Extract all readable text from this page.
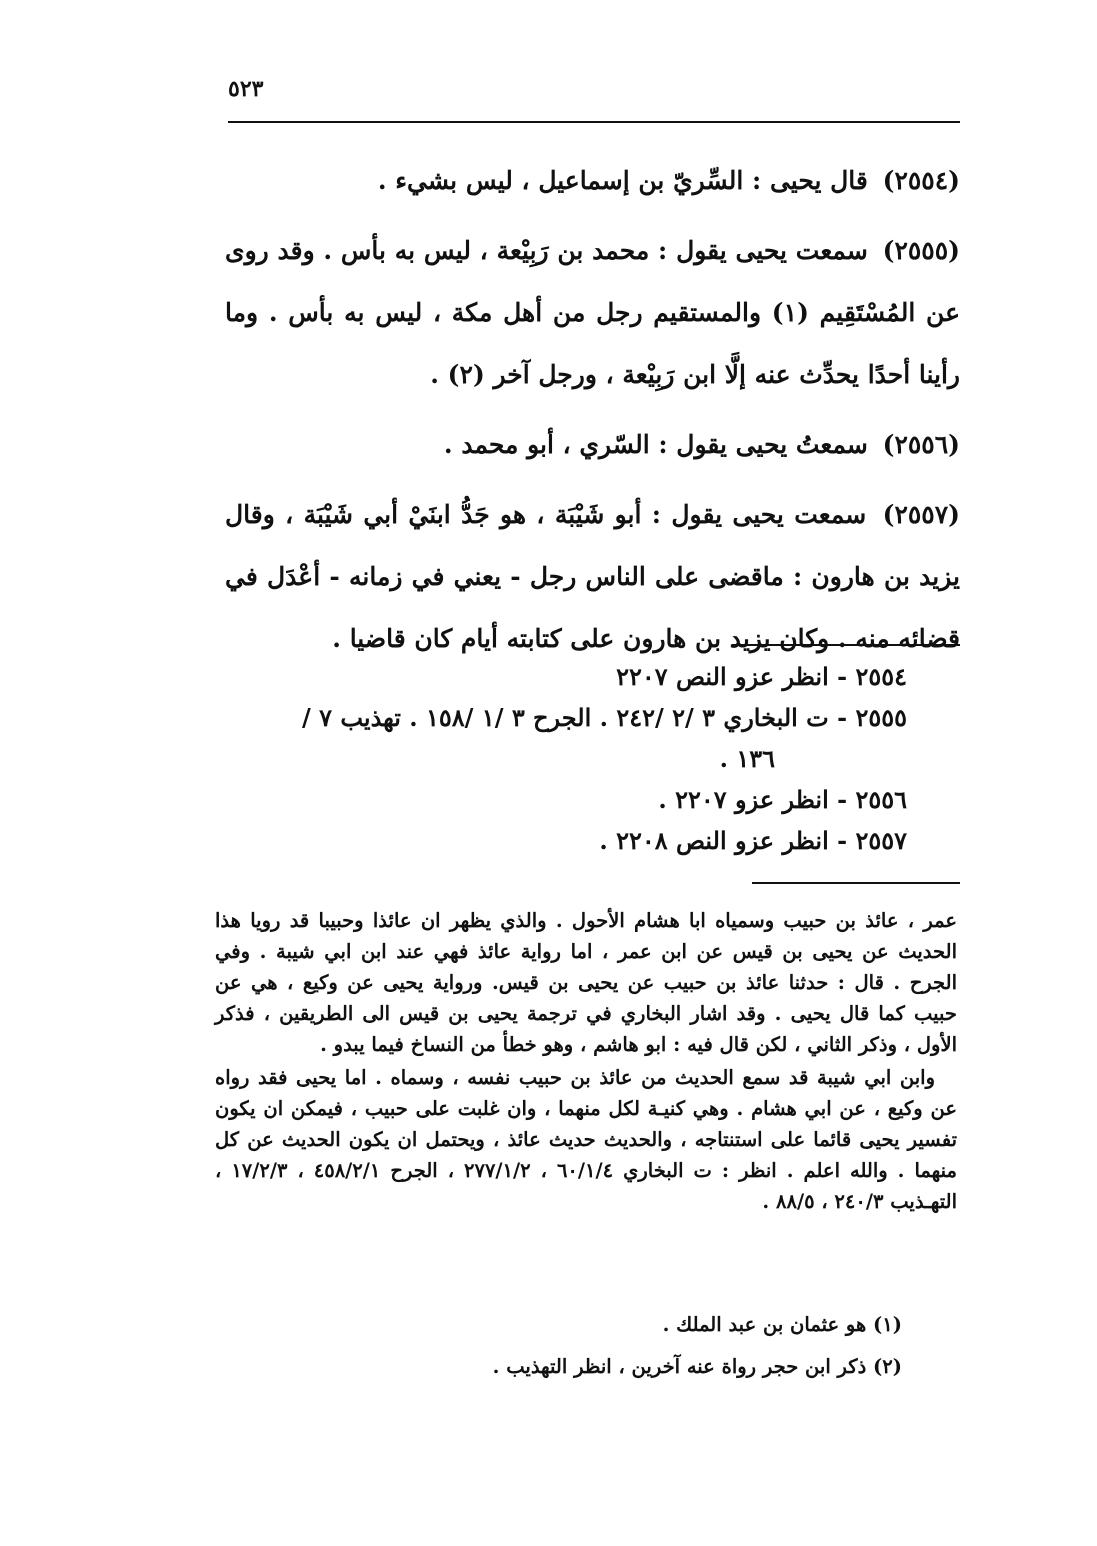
٥٢٣

(٢٥٥٤) قال يحيى : السِّريّ بن إسماعيل ، ليس بشيء .

(٢٥٥٥) سمعت يحيى يقول : محمد بن رَبِيْعة ، ليس به بأس . وقد روى عن المُسْتَقِيم (١) والمستقيم رجل من أهل مكة ، ليس به بأس . وما رأينا أحدًا يحدِّث عنه إلَّا ابن رَبِيْعة ، ورجل آخر (٢) .

(٢٥٥٦) سمعتُ يحيى يقول : السّري ، أبو محمد .

(٢٥٥٧) سمعت يحيى يقول : أبو شَيْبَة ، هو جَدُّ ابنَيْ أبي شَيْبَة ، وقال يزيد بن هارون : ماقضى على الناس رجل - يعني في زمانه - أعْدَل في قضائه منه . وكان يزيد بن هارون على كتابته أيام كان قاضيا .

٢٥٥٤ - انظر عزو النص ٢٢٠٧

٢٥٥٥ - ت البخاري ٣ /٢ /٢٤٢ . الجرح ٣ /١ /١٥٨ . تهذيب ٧ /

١٣٦ .

٢٥٥٦ - انظر عزو ٢٢٠٧ .

٢٥٥٧ - انظر عزو النص ٢٢٠٨ .

عمر ، عائذ بن حبيب وسمياه ابا هشام الأحول . والذي يظهر ان عائذا وحبيبا قد رويا هذا الحديث عن يحيى بن قيس عن ابن عمر ، اما رواية عائذ فهي عند ابن ابي شيبة . وفي الجرح . قال : حدثنا عائذ بن حبيب عن يحيى بن قيس. ورواية يحيى عن وكيع ، هي عن حبيب كما قال يحيى . وقد اشار البخاري في ترجمة يحيى بن قيس الى الطريقين ، فذكر الأول ، وذكر الثاني ، لكن قال فيه : ابو هاشم ، وهو خطأ من النساخ فيما يبدو .

وابن ابي شيبة قد سمع الحديث من عائذ بن حبيب نفسه ، وسماه . اما يحيى فقد رواه عن وكيع ، عن ابي هشام . وهي كنيـة لكل منهما ، وان غلبت على حبيب ، فيمكن ان يكون تفسير يحيى قائما على استنتاجه ، والحديث حديث عائذ ، ويحتمل ان يكون الحديث عن كل منهما . والله اعلم . انظر : ت البخاري ٦٠/١/٤ ، ٢٧٧/١/٢ ، الجرح ٤٥٨/٢/١ ، ١٧/٢/٣ ، التهـذيب ٢٤٠/٣ ، ٨٨/٥ .

(١) هو عثمان بن عبد الملك .

(٢) ذكر ابن حجر رواة عنه آخرين ، انظر التهذيب .
